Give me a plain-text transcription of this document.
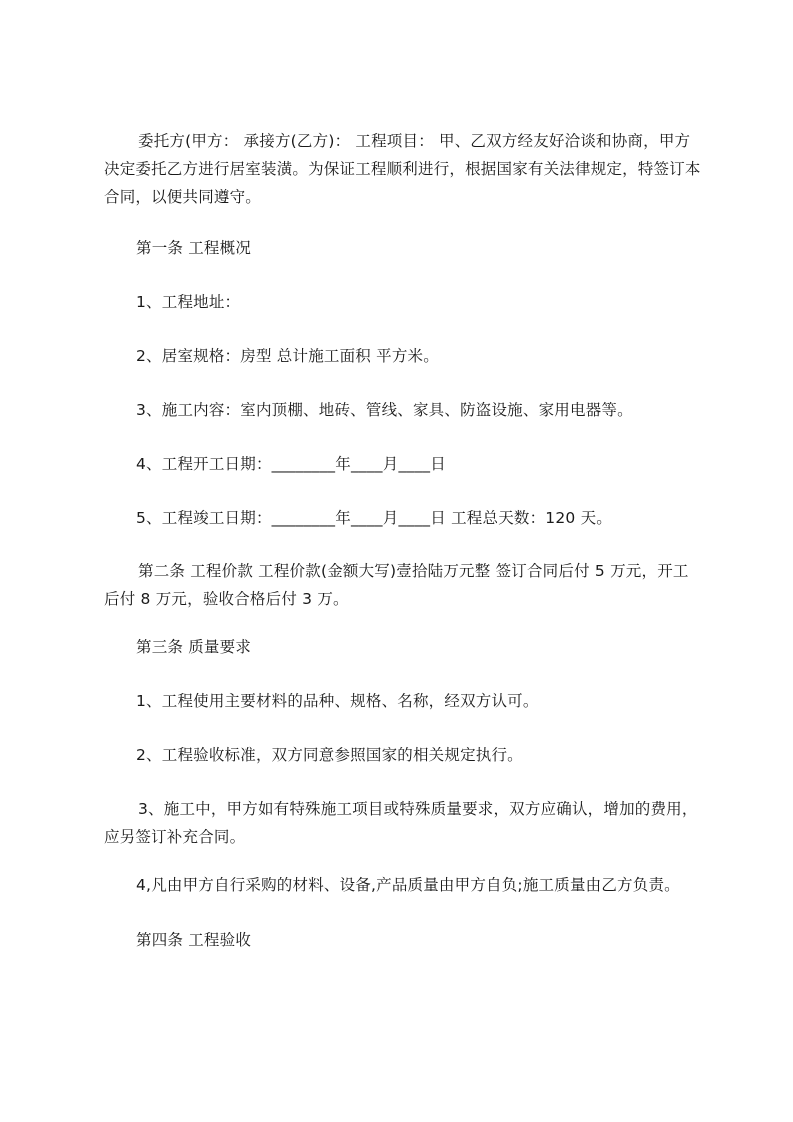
委托方(甲方： 承接方(乙方)： 工程项目： 甲、乙双方经友好洽谈和协商，甲方决定委托乙方进行居室装潢。为保证工程顺利进行，根据国家有关法律规定，特签订本合同，以便共同遵守。

第一条 工程概况

1、工程地址：

2、居室规格：房型 总计施工面积 平方米。

3、施工内容：室内顶棚、地砖、管线、家具、防盗设施、家用电器等。

4、工程开工日期：________年____月____日

5、工程竣工日期：________年____月____日 工程总天数：120 天。

第二条 工程价款 工程价款(金额大写)壹拾陆万元整 签订合同后付 5 万元，开工后付 8 万元，验收合格后付 3 万。

第三条 质量要求

1、工程使用主要材料的品种、规格、名称，经双方认可。

2、工程验收标准，双方同意参照国家的相关规定执行。

3、施工中，甲方如有特殊施工项目或特殊质量要求，双方应确认，增加的费用，应另签订补充合同。

4,凡由甲方自行采购的材料、设备,产品质量由甲方自负;施工质量由乙方负责。

第四条 工程验收
